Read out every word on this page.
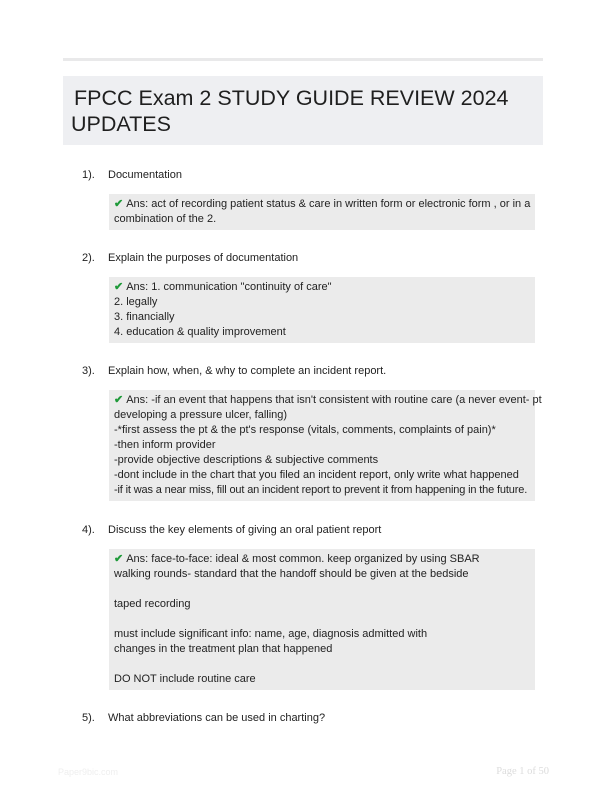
FPCC Exam 2 STUDY GUIDE REVIEW 2024 UPDATES
1). Documentation
✔ Ans: act of recording patient status & care in written form or electronic form , or in a
combination of the 2.
2). Explain the purposes of documentation
✔ Ans: 1. communication "continuity of care"
2. legally
3. financially
4. education & quality improvement
3). Explain how, when, & why to complete an incident report.
✔ Ans: -if an event that happens that isn't consistent with routine care (a never event- pt
developing a pressure ulcer, falling)
-*first assess the pt & the pt's response (vitals, comments, complaints of pain)*
-then inform provider
-provide objective descriptions & subjective comments
-dont include in the chart that you filed an incident report, only write what happened
-if it was a near miss, fill out an incident report to prevent it from happening in the future.
4). Discuss the key elements of giving an oral patient report
✔ Ans: face-to-face: ideal & most common. keep organized by using SBAR
walking rounds- standard that the handoff should be given at the bedside
taped recording
must include significant info: name, age, diagnosis admitted with
changes in the treatment plan that happened
DO NOT include routine care
5). What abbreviations can be used in charting?
Paper9bic.com	Page 1 of 50
